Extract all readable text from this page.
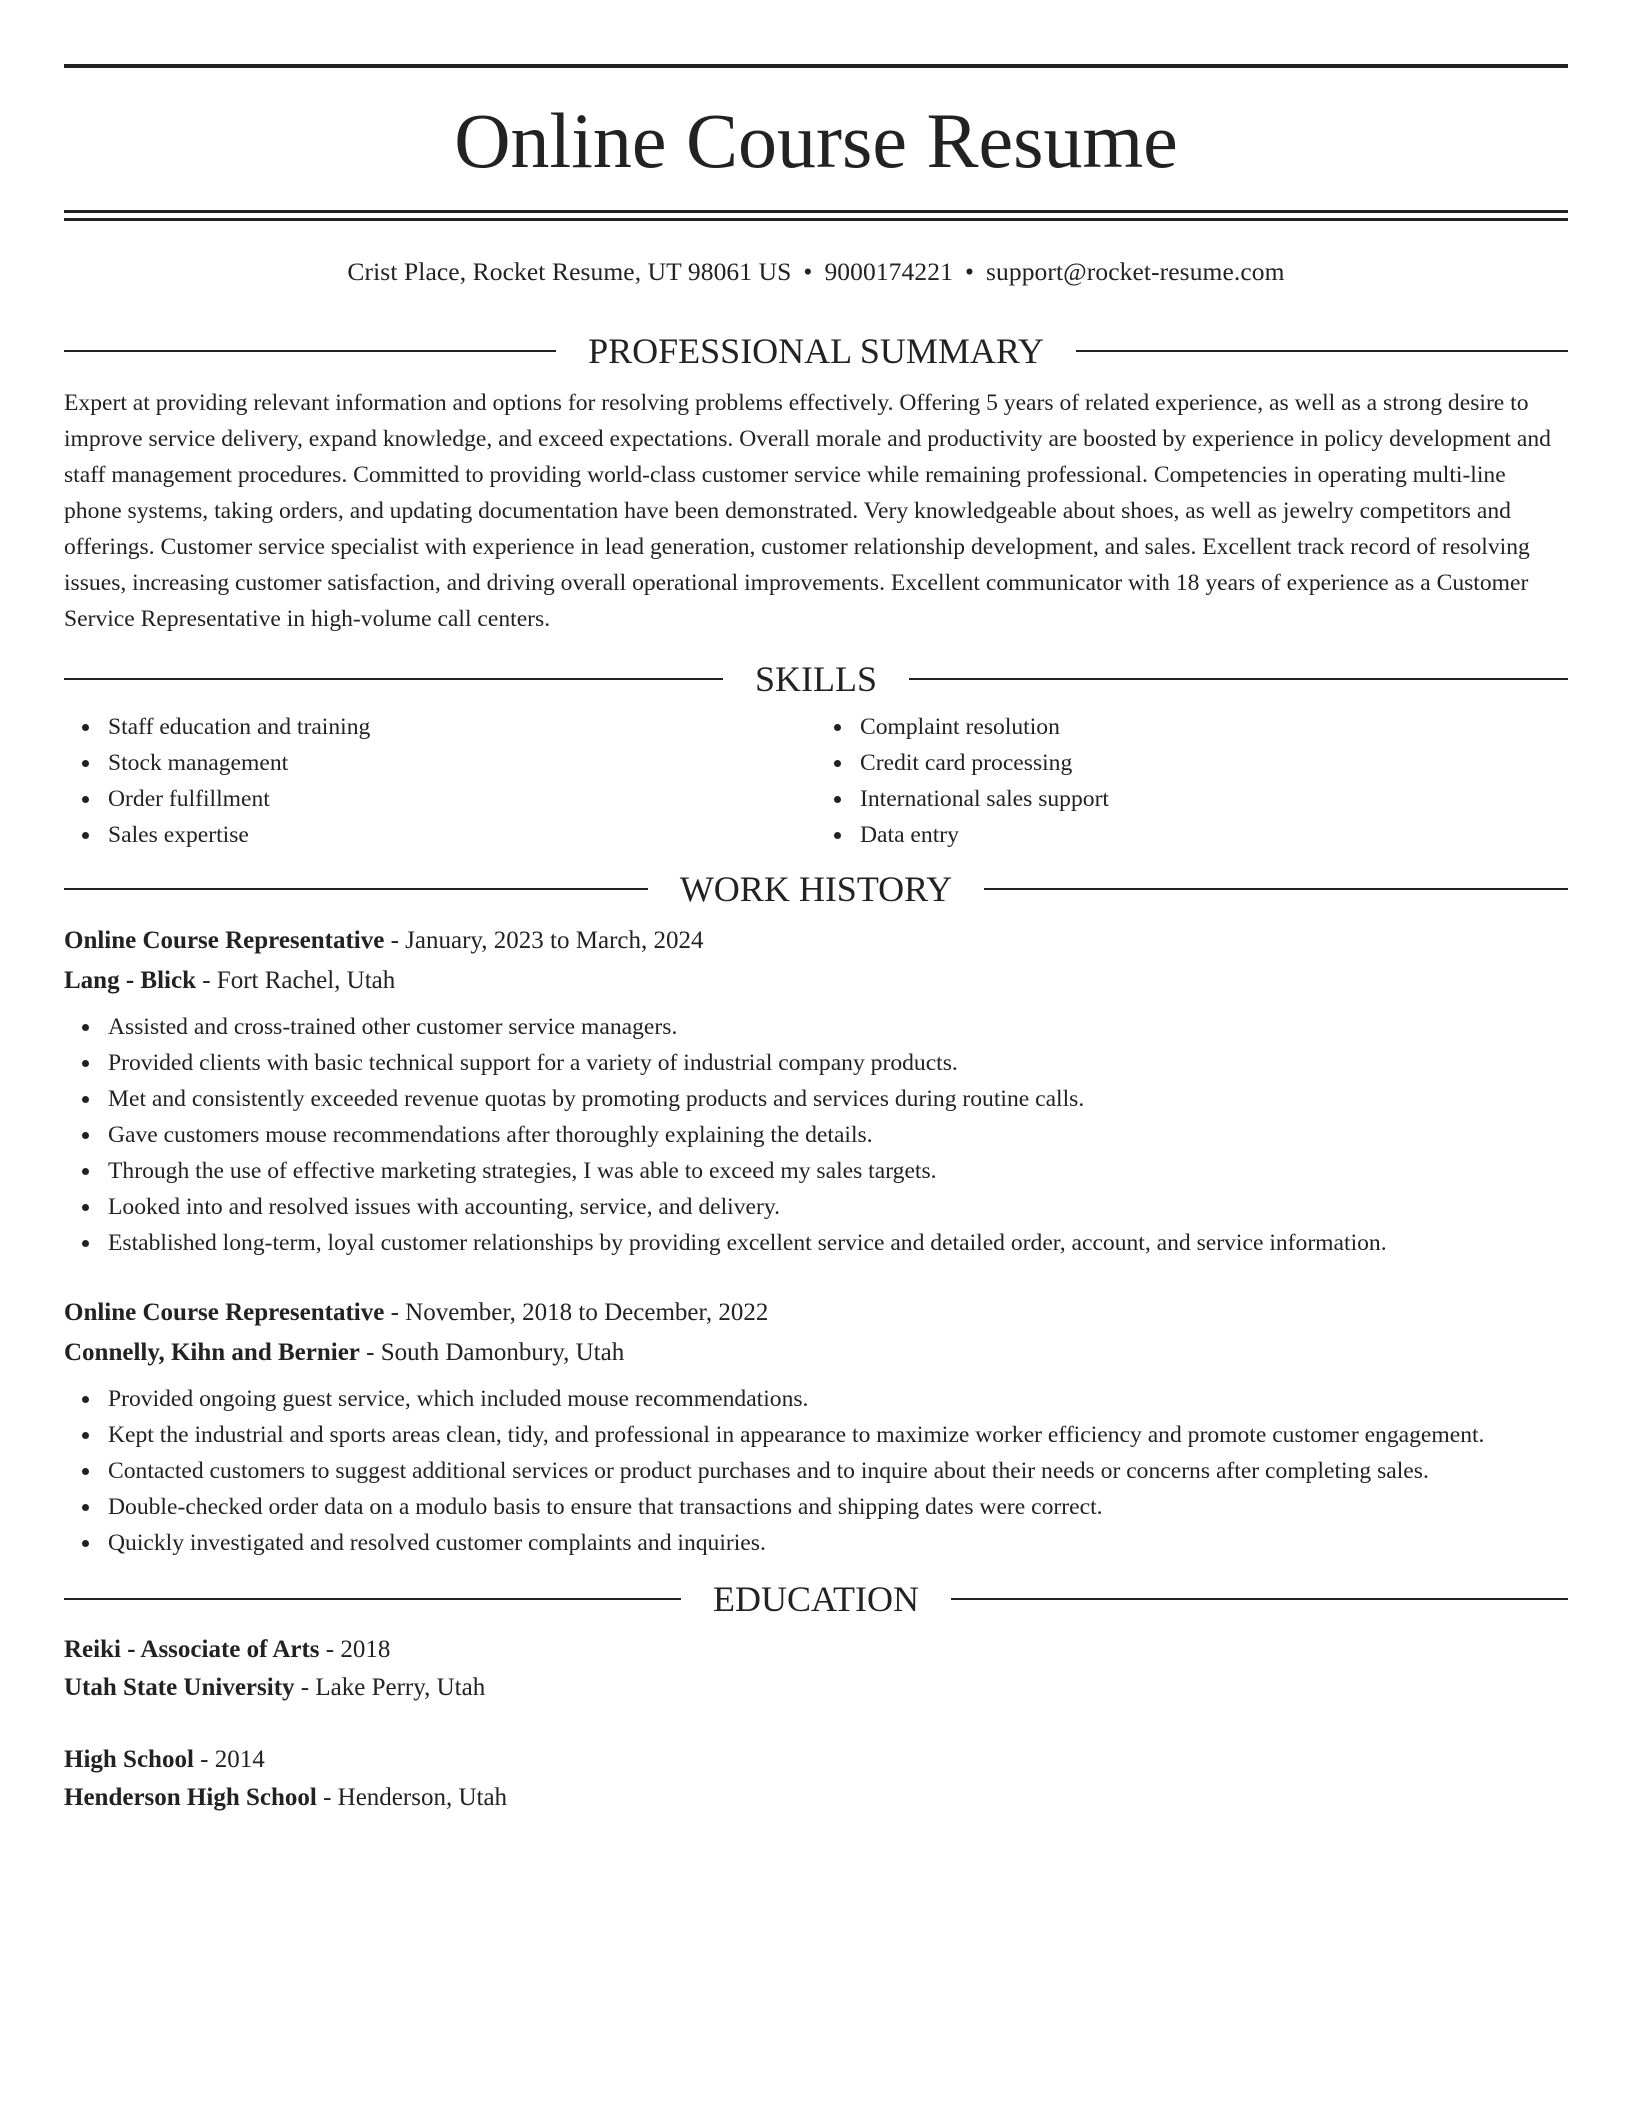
Online Course Resume
Crist Place, Rocket Resume, UT 98061 US • 9000174221 • support@rocket-resume.com
PROFESSIONAL SUMMARY

Expert at providing relevant information and options for resolving problems effectively. Offering 5 years of related experience, as well as a strong desire to improve service delivery, expand knowledge, and exceed expectations. Overall morale and productivity are boosted by experience in policy development and staff management procedures. Committed to providing world-class customer service while remaining professional. Competencies in operating multi-line phone systems, taking orders, and updating documentation have been demonstrated. Very knowledgeable about shoes, as well as jewelry competitors and offerings. Customer service specialist with experience in lead generation, customer relationship development, and sales. Excellent track record of resolving issues, increasing customer satisfaction, and driving overall operational improvements. Excellent communicator with 18 years of experience as a Customer Service Representative in high-volume call centers.

SKILLS
Staff education and training
Stock management
Order fulfillment
Sales expertise
Complaint resolution
Credit card processing
International sales support
Data entry
WORK HISTORY
Online Course Representative - January, 2023 to March, 2024
Lang - Blick - Fort Rachel, Utah
Assisted and cross-trained other customer service managers.
Provided clients with basic technical support for a variety of industrial company products.
Met and consistently exceeded revenue quotas by promoting products and services during routine calls.
Gave customers mouse recommendations after thoroughly explaining the details.
Through the use of effective marketing strategies, I was able to exceed my sales targets.
Looked into and resolved issues with accounting, service, and delivery.
Established long-term, loyal customer relationships by providing excellent service and detailed order, account, and service information.
Online Course Representative - November, 2018 to December, 2022
Connelly, Kihn and Bernier - South Damonbury, Utah
Provided ongoing guest service, which included mouse recommendations.
Kept the industrial and sports areas clean, tidy, and professional in appearance to maximize worker efficiency and promote customer engagement.
Contacted customers to suggest additional services or product purchases and to inquire about their needs or concerns after completing sales.
Double-checked order data on a modulo basis to ensure that transactions and shipping dates were correct.
Quickly investigated and resolved customer complaints and inquiries.
EDUCATION
Reiki - Associate of Arts - 2018
Utah State University - Lake Perry, Utah
High School - 2014
Henderson High School - Henderson, Utah
